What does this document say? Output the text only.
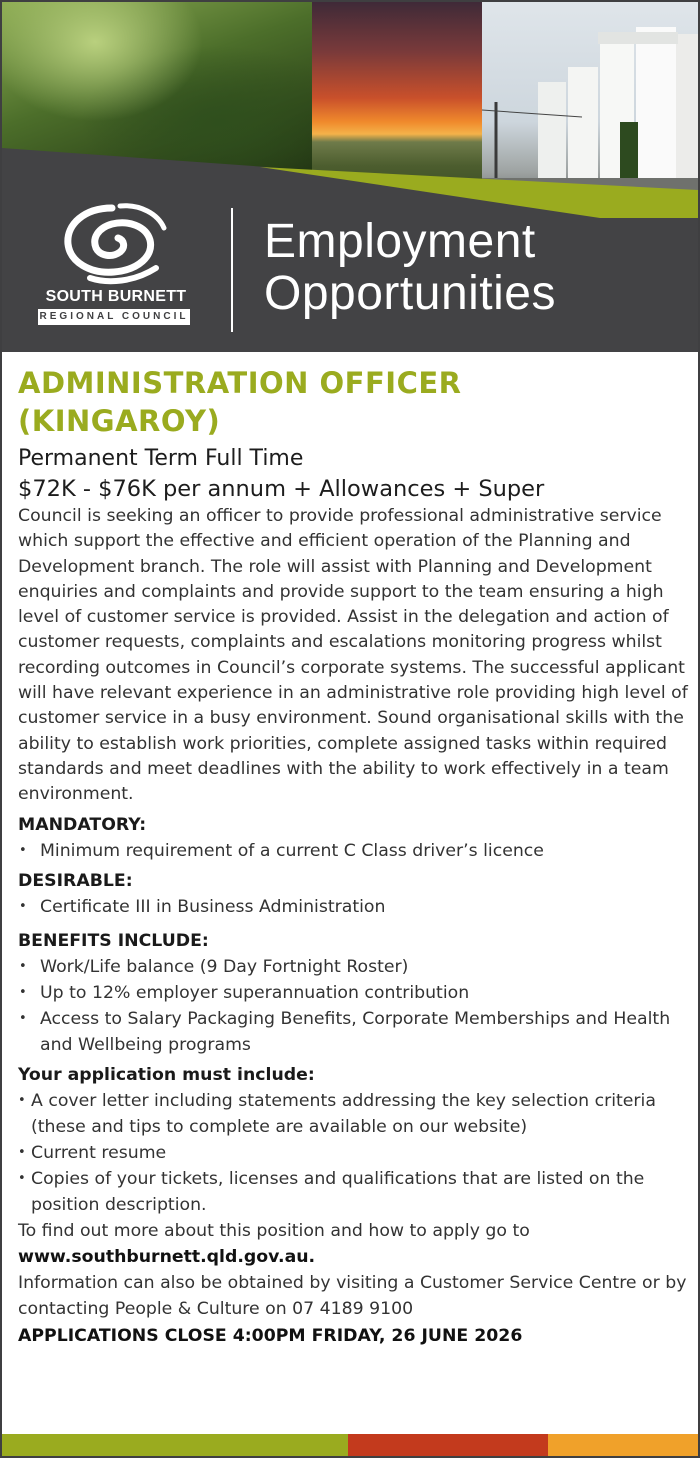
SOUTH BURNETT

REGIONAL COUNCIL

Employment
Opportunities
ADMINISTRATION OFFICER
(KINGAROY)

Permanent Term Full Time

$72K - $76K per annum + Allowances + Super

Council is seeking an officer to provide professional administrative service which support the effective and efficient operation of the Planning and Development branch. The role will assist with Planning and Development enquiries and complaints and provide support to the team ensuring a high level of customer service is provided. Assist in the delegation and action of customer requests, complaints and escalations monitoring progress whilst recording outcomes in Council’s corporate systems. The successful applicant will have relevant experience in an administrative role providing high level of customer service in a busy environment. Sound organisational skills with the ability to establish work priorities, complete assigned tasks within required standards and meet deadlines with the ability to work effectively in a team environment.

MANDATORY:
• Minimum requirement of a current C Class driver’s licence
DESIRABLE:
• Certificate III in Business Administration
BENEFITS INCLUDE:
• Work/Life balance (9 Day Fortnight Roster)
• Up to 12% employer superannuation contribution
• Access to Salary Packaging Benefits, Corporate Memberships and Health and Wellbeing programs
Your application must include:
• A cover letter including statements addressing the key selection criteria (these and tips to complete are available on our website)
• Current resume
• Copies of your tickets, licenses and qualifications that are listed on the position description.

To find out more about this position and how to apply go to

www.southburnett.qld.gov.au.

Information can also be obtained by visiting a Customer Service Centre or by contacting People & Culture on 07 4189 9100

APPLICATIONS CLOSE 4:00PM FRIDAY, 26 JUNE 2026
